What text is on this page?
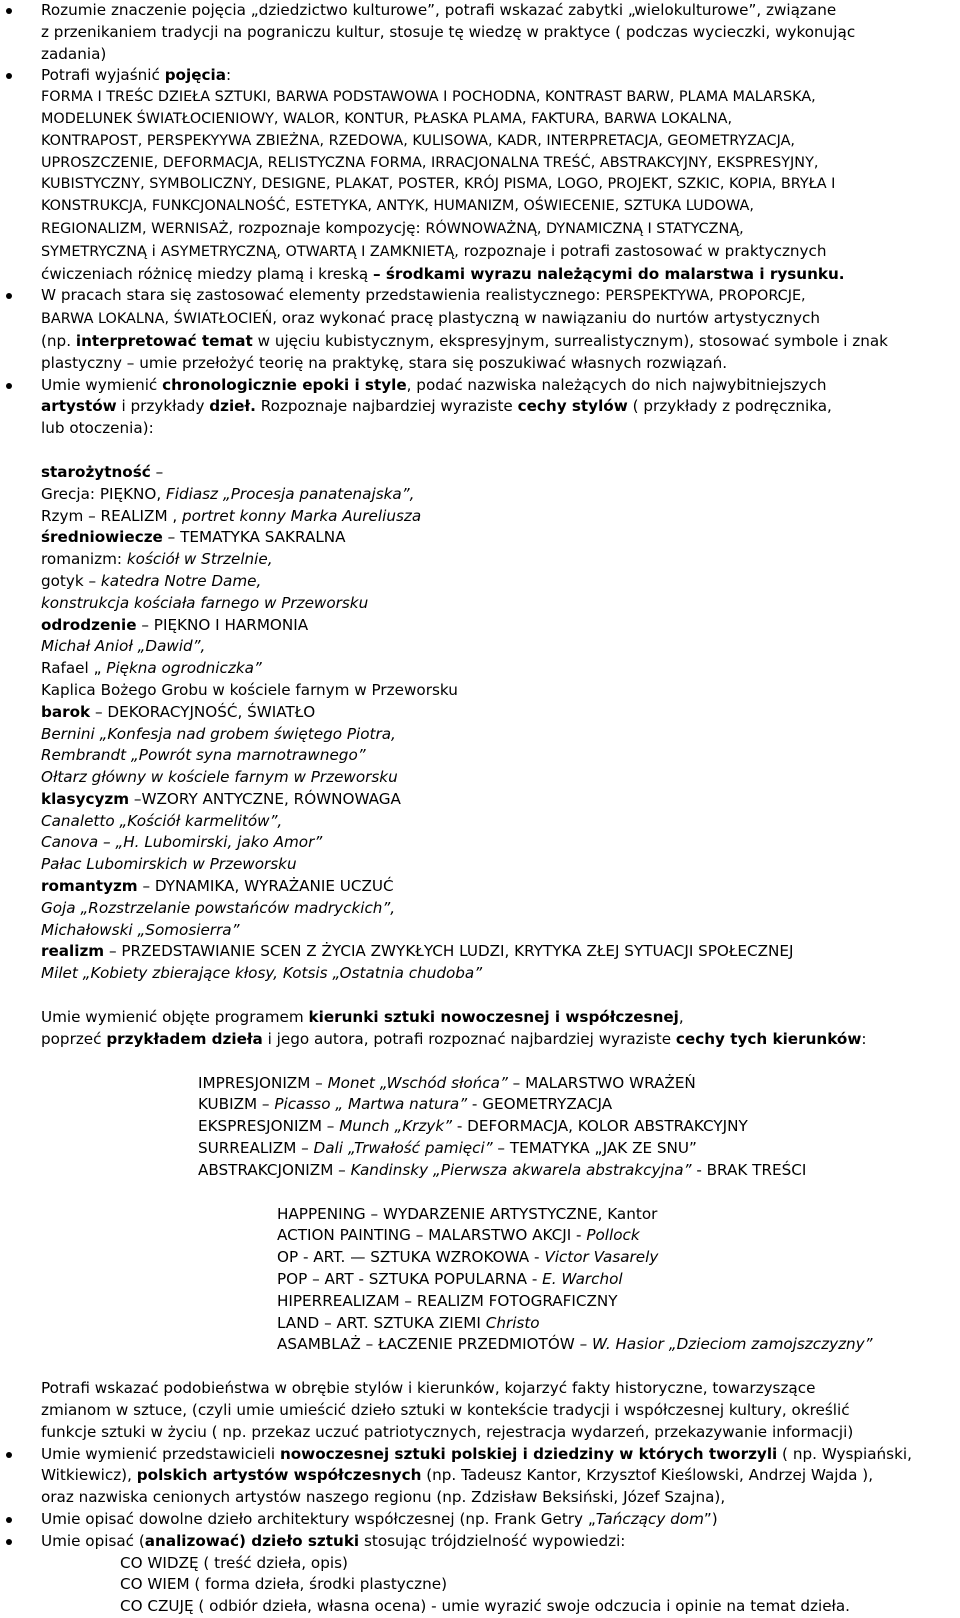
Rozumie znaczenie pojęcia „dziedzictwo kulturowe”, potrafi wskazać zabytki „wielokulturowe”, związane
z przenikaniem tradycji na pograniczu kultur, stosuje tę wiedzę w praktyce ( podczas wycieczki, wykonując
zadania)
Potrafi wyjaśnić pojęcia:
FORMA I TREŚC DZIEŁA SZTUKI, BARWA PODSTAWOWA I POCHODNA, KONTRAST BARW, PLAMA MALARSKA,
MODELUNEK ŚWIATŁOCIENIOWY, WALOR, KONTUR, PŁASKA PLAMA, FAKTURA, BARWA LOKALNA,
KONTRAPOST, PERSPEKYYWA ZBIEŻNA, RZEDOWA, KULISOWA, KADR, INTERPRETACJA, GEOMETRYZACJA,
UPROSZCZENIE, DEFORMACJA, RELISTYCZNA FORMA, IRRACJONALNA TREŚĆ, ABSTRAKCYJNY, EKSPRESYJNY,
KUBISTYCZNY, SYMBOLICZNY, DESIGNE, PLAKAT, POSTER, KRÓJ PISMA, LOGO, PROJEKT, SZKIC, KOPIA, BRYŁA I
KONSTRUKCJA, FUNKCJONALNOŚĆ, ESTETYKA, ANTYK, HUMANIZM, OŚWIECENIE, SZTUKA LUDOWA,
REGIONALIZM, WERNISAŻ, rozpoznaje kompozycję: RÓWNOWAŻNĄ, DYNAMICZNĄ I STATYCZNĄ,
SYMETRYCZNĄ i ASYMETRYCZNĄ, OTWARTĄ I ZAMKNIETĄ, rozpoznaje i potrafi zastosować w praktycznych
ćwiczeniach różnicę miedzy plamą i kreską – środkami wyrazu należącymi do malarstwa i rysunku.
W pracach stara się zastosować elementy przedstawienia realistycznego: PERSPEKTYWA, PROPORCJE,
BARWA LOKALNA, ŚWIATŁOCIEŃ, oraz wykonać pracę plastyczną w nawiązaniu do nurtów artystycznych
(np. interpretować temat w ujęciu kubistycznym, ekspresyjnym, surrealistycznym), stosować symbole i znak
plastyczny – umie przełożyć teorię na praktykę, stara się poszukiwać własnych rozwiązań.
Umie wymienić chronologicznie epoki i style, podać nazwiska należących do nich najwybitniejszych
artystów i przykłady dzieł. Rozpoznaje najbardziej wyraziste cechy stylów ( przykłady z podręcznika,
lub otoczenia):
starożytność –
Grecja: PIĘKNO, Fidiasz „Procesja panatenajska”,
Rzym – REALIZM , portret konny Marka Aureliusza
średniowiecze – TEMATYKA SAKRALNA
romanizm: kościół w Strzelnie,
gotyk – katedra Notre Dame,
konstrukcja kościała farnego w Przeworsku
odrodzenie – PIĘKNO I HARMONIA
Michał Anioł „Dawid”,
Rafael „ Piękna ogrodniczka”
Kaplica Bożego Grobu w kościele farnym w Przeworsku
barok – DEKORACYJNOŚĆ, ŚWIATŁO
Bernini „Konfesja nad grobem świętego Piotra,
Rembrandt „Powrót syna marnotrawnego”
Ołtarz główny w kościele farnym w Przeworsku
klasycyzm –WZORY ANTYCZNE, RÓWNOWAGA
Canaletto „Kościół karmelitów”,
Canova – „H. Lubomirski, jako Amor”
Pałac Lubomirskich w Przeworsku
romantyzm – DYNAMIKA, WYRAŻANIE UCZUĆ
Goja „Rozstrzelanie powstańców madryckich”,
Michałowski „Somosierra”
realizm – PRZEDSTAWIANIE SCEN Z ŻYCIA ZWYKŁYCH LUDZI, KRYTYKA ZŁEJ SYTUACJI SPOŁECZNEJ
Milet „Kobiety zbierające kłosy, Kotsis „Ostatnia chudoba”
Umie wymienić objęte programem kierunki sztuki nowoczesnej i współczesnej,
poprzeć przykładem dzieła i jego autora, potrafi rozpoznać najbardziej wyraziste cechy tych kierunków:
IMPRESJONIZM – Monet „Wschód słońca” – MALARSTWO WRAŻEŃ
KUBIZM – Picasso „ Martwa natura” - GEOMETRYZACJA
EKSPRESJONIZM – Munch „Krzyk” - DEFORMACJA, KOLOR ABSTRAKCYJNY
SURREALIZM – Dali „Trwałość pamięci” – TEMATYKA „JAK ZE SNU”
ABSTRAKCJONIZM – Kandinsky „Pierwsza akwarela abstrakcyjna” - BRAK TREŚCI
HAPPENING – WYDARZENIE ARTYSTYCZNE, Kantor
ACTION PAINTING – MALARSTWO AKCJI - Pollock
OP - ART. — SZTUKA WZROKOWA - Victor Vasarely
POP – ART - SZTUKA POPULARNA - E. Warchol
HIPERREALIZAM – REALIZM FOTOGRAFICZNY
LAND – ART. SZTUKA ZIEMI Christo
ASAMBLAŻ – ŁACZENIE PRZEDMIOTÓW – W. Hasior „Dzieciom zamojszczyzny”
Potrafi wskazać podobieństwa w obrębie stylów i kierunków, kojarzyć fakty historyczne, towarzyszące
zmianom w sztuce, (czyli umie umieścić dzieło sztuki w kontekście tradycji i współczesnej kultury, określić
funkcje sztuki w życiu ( np. przekaz uczuć patriotycznych, rejestracja wydarzeń, przekazywanie informacji)
Umie wymienić przedstawicieli nowoczesnej sztuki polskiej i dziedziny w których tworzyli ( np. Wyspiański,
Witkiewicz), polskich artystów współczesnych (np. Tadeusz Kantor, Krzysztof Kieślowski, Andrzej Wajda ),
oraz nazwiska cenionych artystów naszego regionu (np. Zdzisław Beksiński, Józef Szajna),
Umie opisać dowolne dzieło architektury współczesnej (np. Frank Getry „Tańczący dom”)
Umie opisać (analizować) dzieło sztuki stosując trójdzielność wypowiedzi:
CO WIDZĘ ( treść dzieła, opis)
CO WIEM ( forma dzieła, środki plastyczne)
CO CZUJĘ ( odbiór dzieła, własna ocena) - umie wyrazić swoje odczucia i opinie na temat dzieła.
